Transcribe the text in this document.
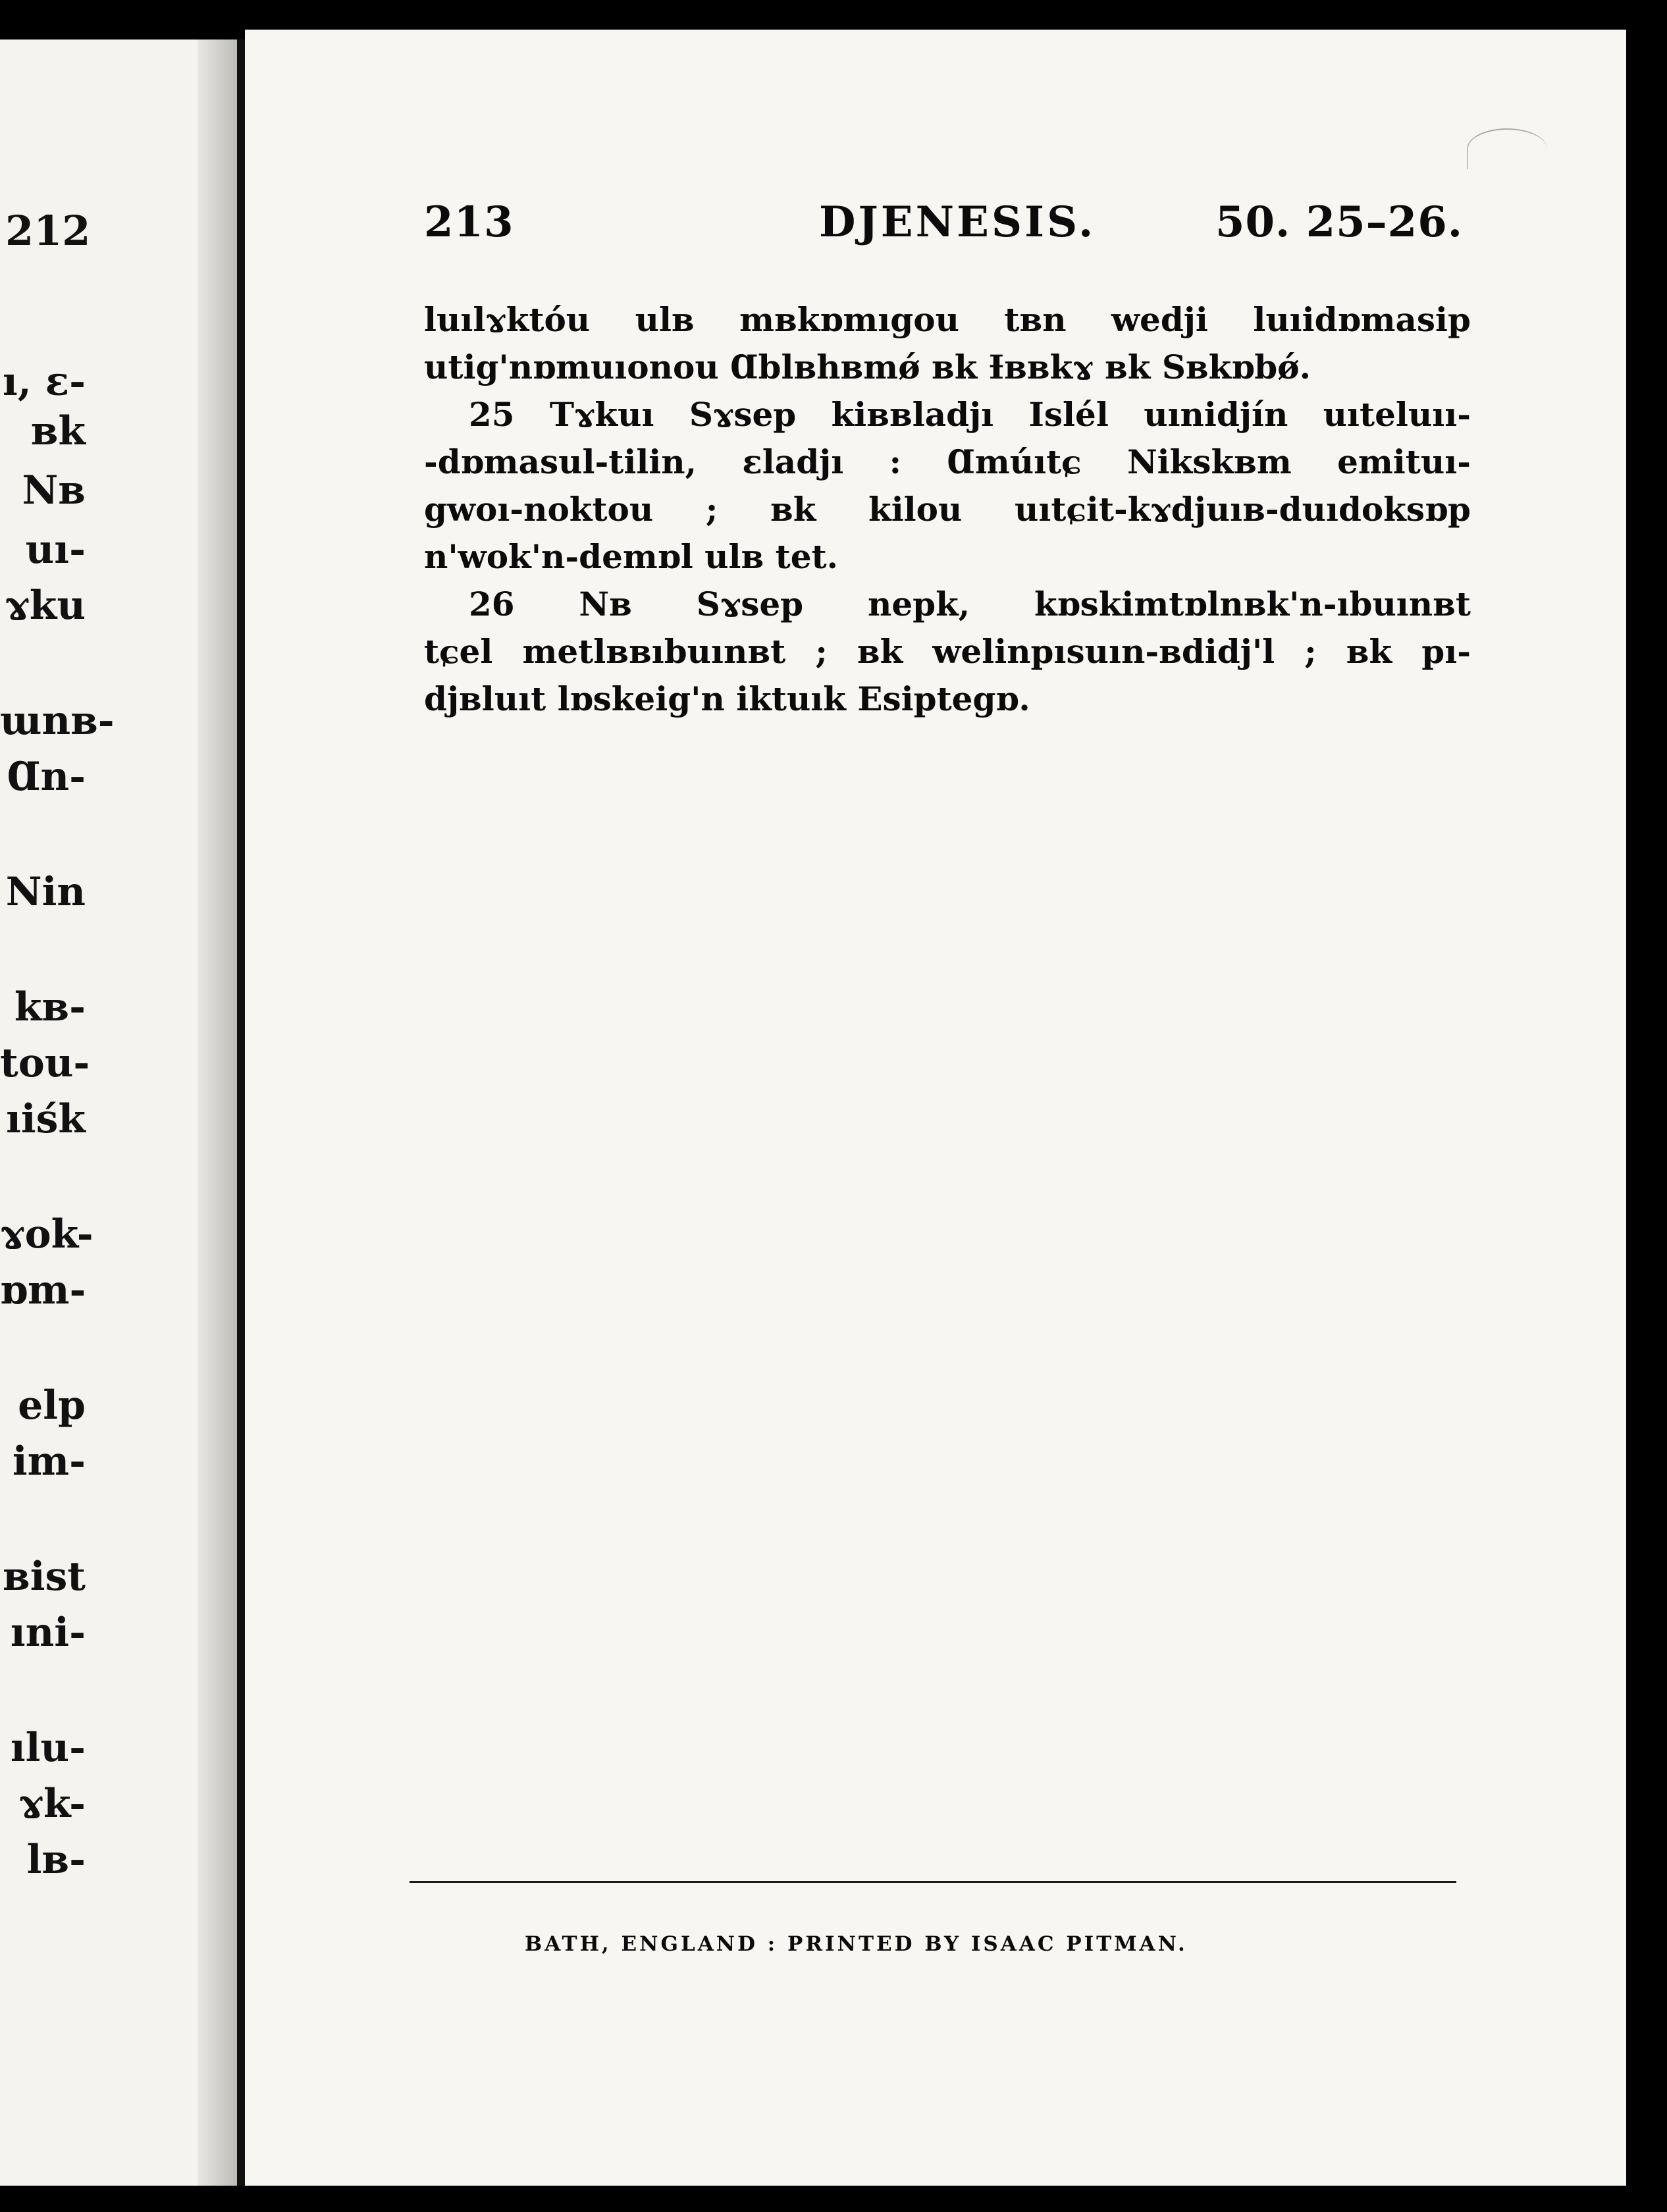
212
ı, ε-
ʙk
Nʙ
uı-
ɤku
ɯnʙ-
Ɑn-
Nin
kʙ-
tou-
ıiśk
ɤok-
ɒm-
elp
im-
ʙist
ıni-
ılu-
ɤk-
lʙ-
213	DJENESIS.	50. 25–26.
luılɤktóu ulʙ mʙkɒmıgou tʙn wedji luıidɒmasip
utig'nɒmuıonou Ɑblʙhʙmǿ ʙk Ɨʙʙkɤ ʙk Sʙkɒbǿ.
25 Tɤkuı Sɤsep kiʙʙladjı Islél uınidjín uıteluıı-
-dɒmasul-tilin, εladjı : Ɑmúıtɕ Nikskʙm emituı-
gwoı-noktou ; ʙk kilou uıtɕit-kɤdjuıʙ-duıdoksɒp
n'wok'n-demɒl ulʙ tet.
26 Nʙ Sɤsep nepk, kɒskimtɒlnʙk'n-ıbuınʙt
tɕel metlʙʙıbuınʙt ; ʙk welinpısuın-ʙdidj'l ; ʙk pı-
djʙluıt lɒskeig'n iktuık Esiptegɒ.
BATH, ENGLAND : PRINTED BY ISAAC PITMAN.
